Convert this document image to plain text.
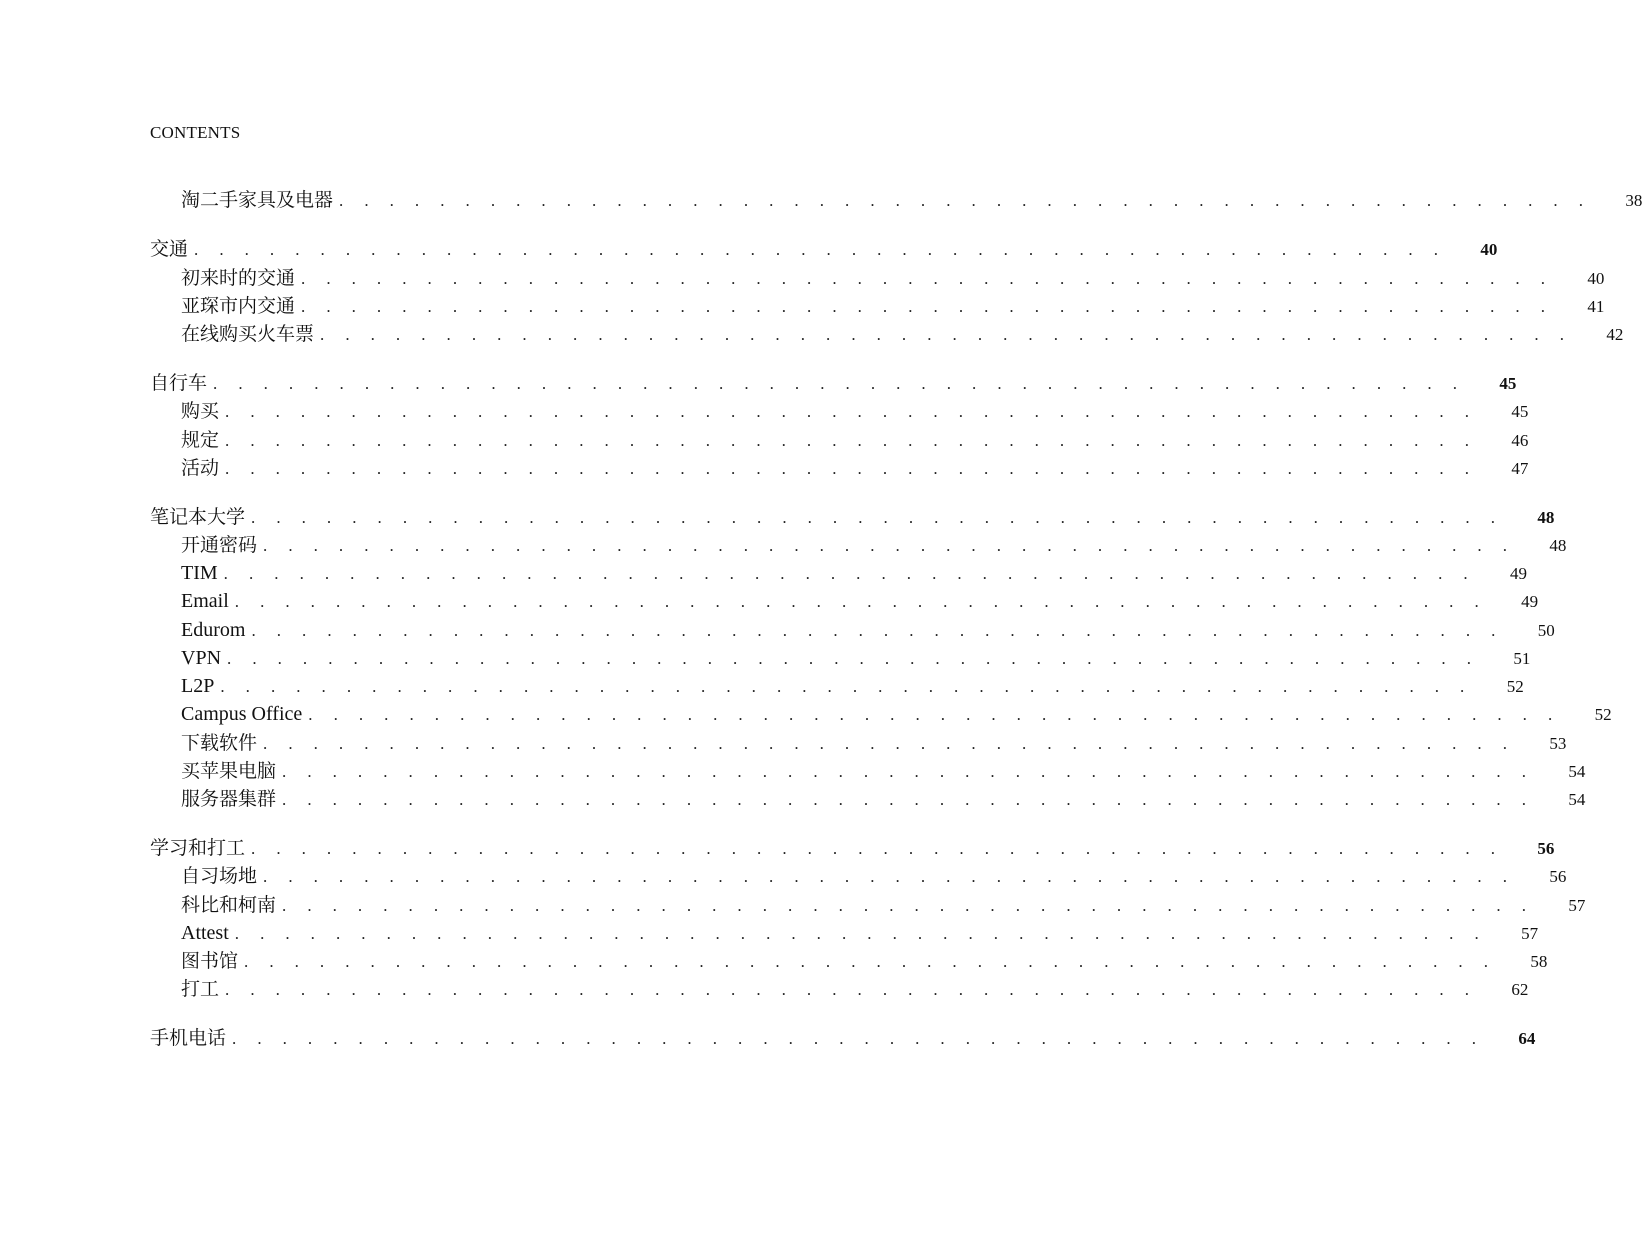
CONTENTS
淘二手家具及电器 . . . . . . . . . . . . . . . . . . . . . . . . . . . . . . . . . . . . . . . . . . . . . . . . . . 38
交通 . . . . . . . . . . . . . . . . . . . . . . . . . . . . . . . . . . . . . . . . . . . . . . . . . . 40
初来时的交通 . . . . . . . . . . . . . . . . . . . . . . . . . . . . . . . . . . . . . . . . . . . . . . . . . . 40
亚琛市内交通 . . . . . . . . . . . . . . . . . . . . . . . . . . . . . . . . . . . . . . . . . . . . . . . . . . 41
在线购买火车票 . . . . . . . . . . . . . . . . . . . . . . . . . . . . . . . . . . . . . . . . . . . . . . . . . . 42
自行车 . . . . . . . . . . . . . . . . . . . . . . . . . . . . . . . . . . . . . . . . . . . . . . . . . . 45
购买 . . . . . . . . . . . . . . . . . . . . . . . . . . . . . . . . . . . . . . . . . . . . . . . . . . 45
规定 . . . . . . . . . . . . . . . . . . . . . . . . . . . . . . . . . . . . . . . . . . . . . . . . . . 46
活动 . . . . . . . . . . . . . . . . . . . . . . . . . . . . . . . . . . . . . . . . . . . . . . . . . . 47
笔记本大学 . . . . . . . . . . . . . . . . . . . . . . . . . . . . . . . . . . . . . . . . . . . . . . . . . . 48
开通密码 . . . . . . . . . . . . . . . . . . . . . . . . . . . . . . . . . . . . . . . . . . . . . . . . . . 48
TIM . . . . . . . . . . . . . . . . . . . . . . . . . . . . . . . . . . . . . . . . . . . . . . . . . . 49
Email . . . . . . . . . . . . . . . . . . . . . . . . . . . . . . . . . . . . . . . . . . . . . . . . . . 49
Edurom . . . . . . . . . . . . . . . . . . . . . . . . . . . . . . . . . . . . . . . . . . . . . . . . . . 50
VPN . . . . . . . . . . . . . . . . . . . . . . . . . . . . . . . . . . . . . . . . . . . . . . . . . . 51
L2P . . . . . . . . . . . . . . . . . . . . . . . . . . . . . . . . . . . . . . . . . . . . . . . . . . 52
Campus Office . . . . . . . . . . . . . . . . . . . . . . . . . . . . . . . . . . . . . . . . . . . . . . . . . . 52
下载软件 . . . . . . . . . . . . . . . . . . . . . . . . . . . . . . . . . . . . . . . . . . . . . . . . . . 53
买苹果电脑 . . . . . . . . . . . . . . . . . . . . . . . . . . . . . . . . . . . . . . . . . . . . . . . . . . 54
服务器集群 . . . . . . . . . . . . . . . . . . . . . . . . . . . . . . . . . . . . . . . . . . . . . . . . . . 54
学习和打工 . . . . . . . . . . . . . . . . . . . . . . . . . . . . . . . . . . . . . . . . . . . . . . . . . . 56
自习场地 . . . . . . . . . . . . . . . . . . . . . . . . . . . . . . . . . . . . . . . . . . . . . . . . . . 56
科比和柯南 . . . . . . . . . . . . . . . . . . . . . . . . . . . . . . . . . . . . . . . . . . . . . . . . . . 57
Attest . . . . . . . . . . . . . . . . . . . . . . . . . . . . . . . . . . . . . . . . . . . . . . . . . . 57
图书馆 . . . . . . . . . . . . . . . . . . . . . . . . . . . . . . . . . . . . . . . . . . . . . . . . . . 58
打工 . . . . . . . . . . . . . . . . . . . . . . . . . . . . . . . . . . . . . . . . . . . . . . . . . . 62
手机电话 . . . . . . . . . . . . . . . . . . . . . . . . . . . . . . . . . . . . . . . . . . . . . . . . . . 64
